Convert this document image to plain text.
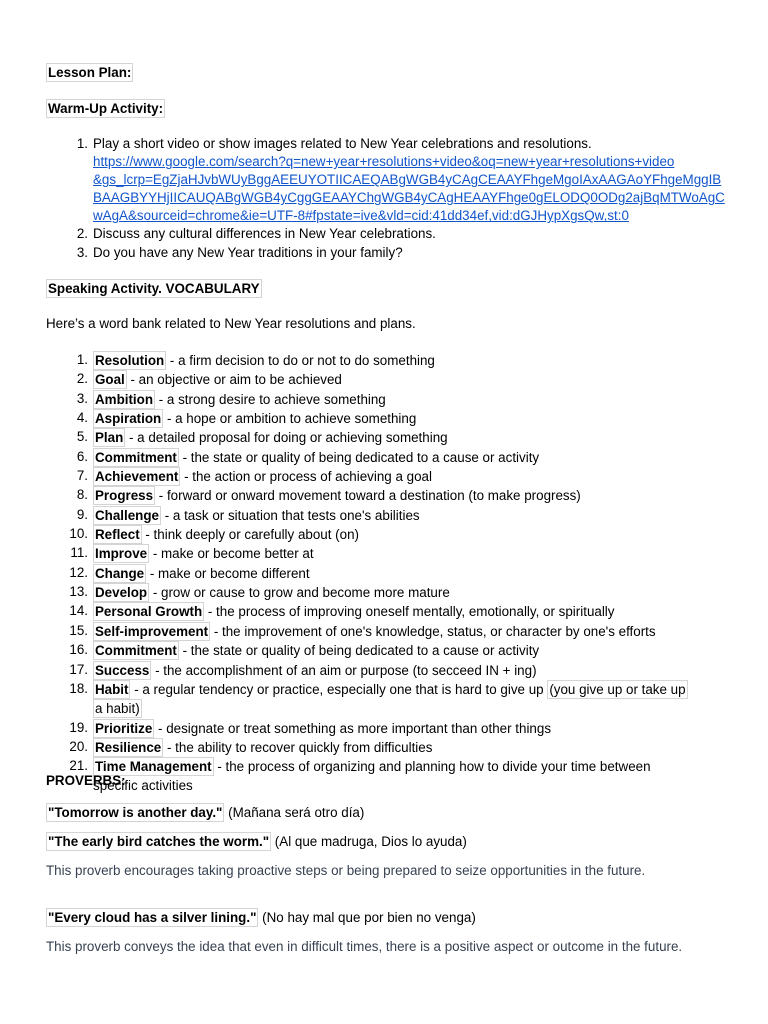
Lesson Plan:
Warm-Up Activity:
1. Play a short video or show images related to New Year celebrations and resolutions.
https://www.google.com/search?q=new+year+resolutions+video&oq=new+year+resolutions+video
&gs_lcrp=EgZjaHJvbWUyBggAEEUYOTIICAEQABgWGB4yCAgCEAAYFhgeMgoIAxAAGAoYFhgeMggIB
BAAGBYYHjIICAUQABgWGB4yCggGEAAYChgWGB4yCAgHEAAYFhge0gELODQ0ODg2ajBqMTWoAgC
wAgA&sourceid=chrome&ie=UTF-8#fpstate=ive&vld=cid:41dd34ef,vid:dGJHypXgsQw,st:0
2. Discuss any cultural differences in New Year celebrations.
3. Do you have any New Year traditions in your family?
Speaking Activity. VOCABULARY
Here’s a word bank related to New Year resolutions and plans.
1. Resolution - a firm decision to do or not to do something
2. Goal - an objective or aim to be achieved
3. Ambition - a strong desire to achieve something
4. Aspiration - a hope or ambition to achieve something
5. Plan - a detailed proposal for doing or achieving something
6. Commitment - the state or quality of being dedicated to a cause or activity
7. Achievement - the action or process of achieving a goal
8. Progress - forward or onward movement toward a destination (to make progress)
9. Challenge - a task or situation that tests one's abilities
10. Reflect - think deeply or carefully about (on)
11. Improve - make or become better at
12. Change - make or become different
13. Develop - grow or cause to grow and become more mature
14. Personal Growth - the process of improving oneself mentally, emotionally, or spiritually
15. Self-improvement - the improvement of one's knowledge, status, or character by one's efforts
16. Commitment - the state or quality of being dedicated to a cause or activity
17. Success - the accomplishment of an aim or purpose (to secceed IN + ing)
18. Habit - a regular tendency or practice, especially one that is hard to give up (you give up or take up
a habit)
19. Prioritize - designate or treat something as more important than other things
20. Resilience - the ability to recover quickly from difficulties
21. Time Management - the process of organizing and planning how to divide your time between
specific activities
PROVERBS:
"Tomorrow is another day." (Mañana será otro día)
"The early bird catches the worm." (Al que madruga, Dios lo ayuda)
This proverb encourages taking proactive steps or being prepared to seize opportunities in the future.
"Every cloud has a silver lining." (No hay mal que por bien no venga)
This proverb conveys the idea that even in difficult times, there is a positive aspect or outcome in the future.
